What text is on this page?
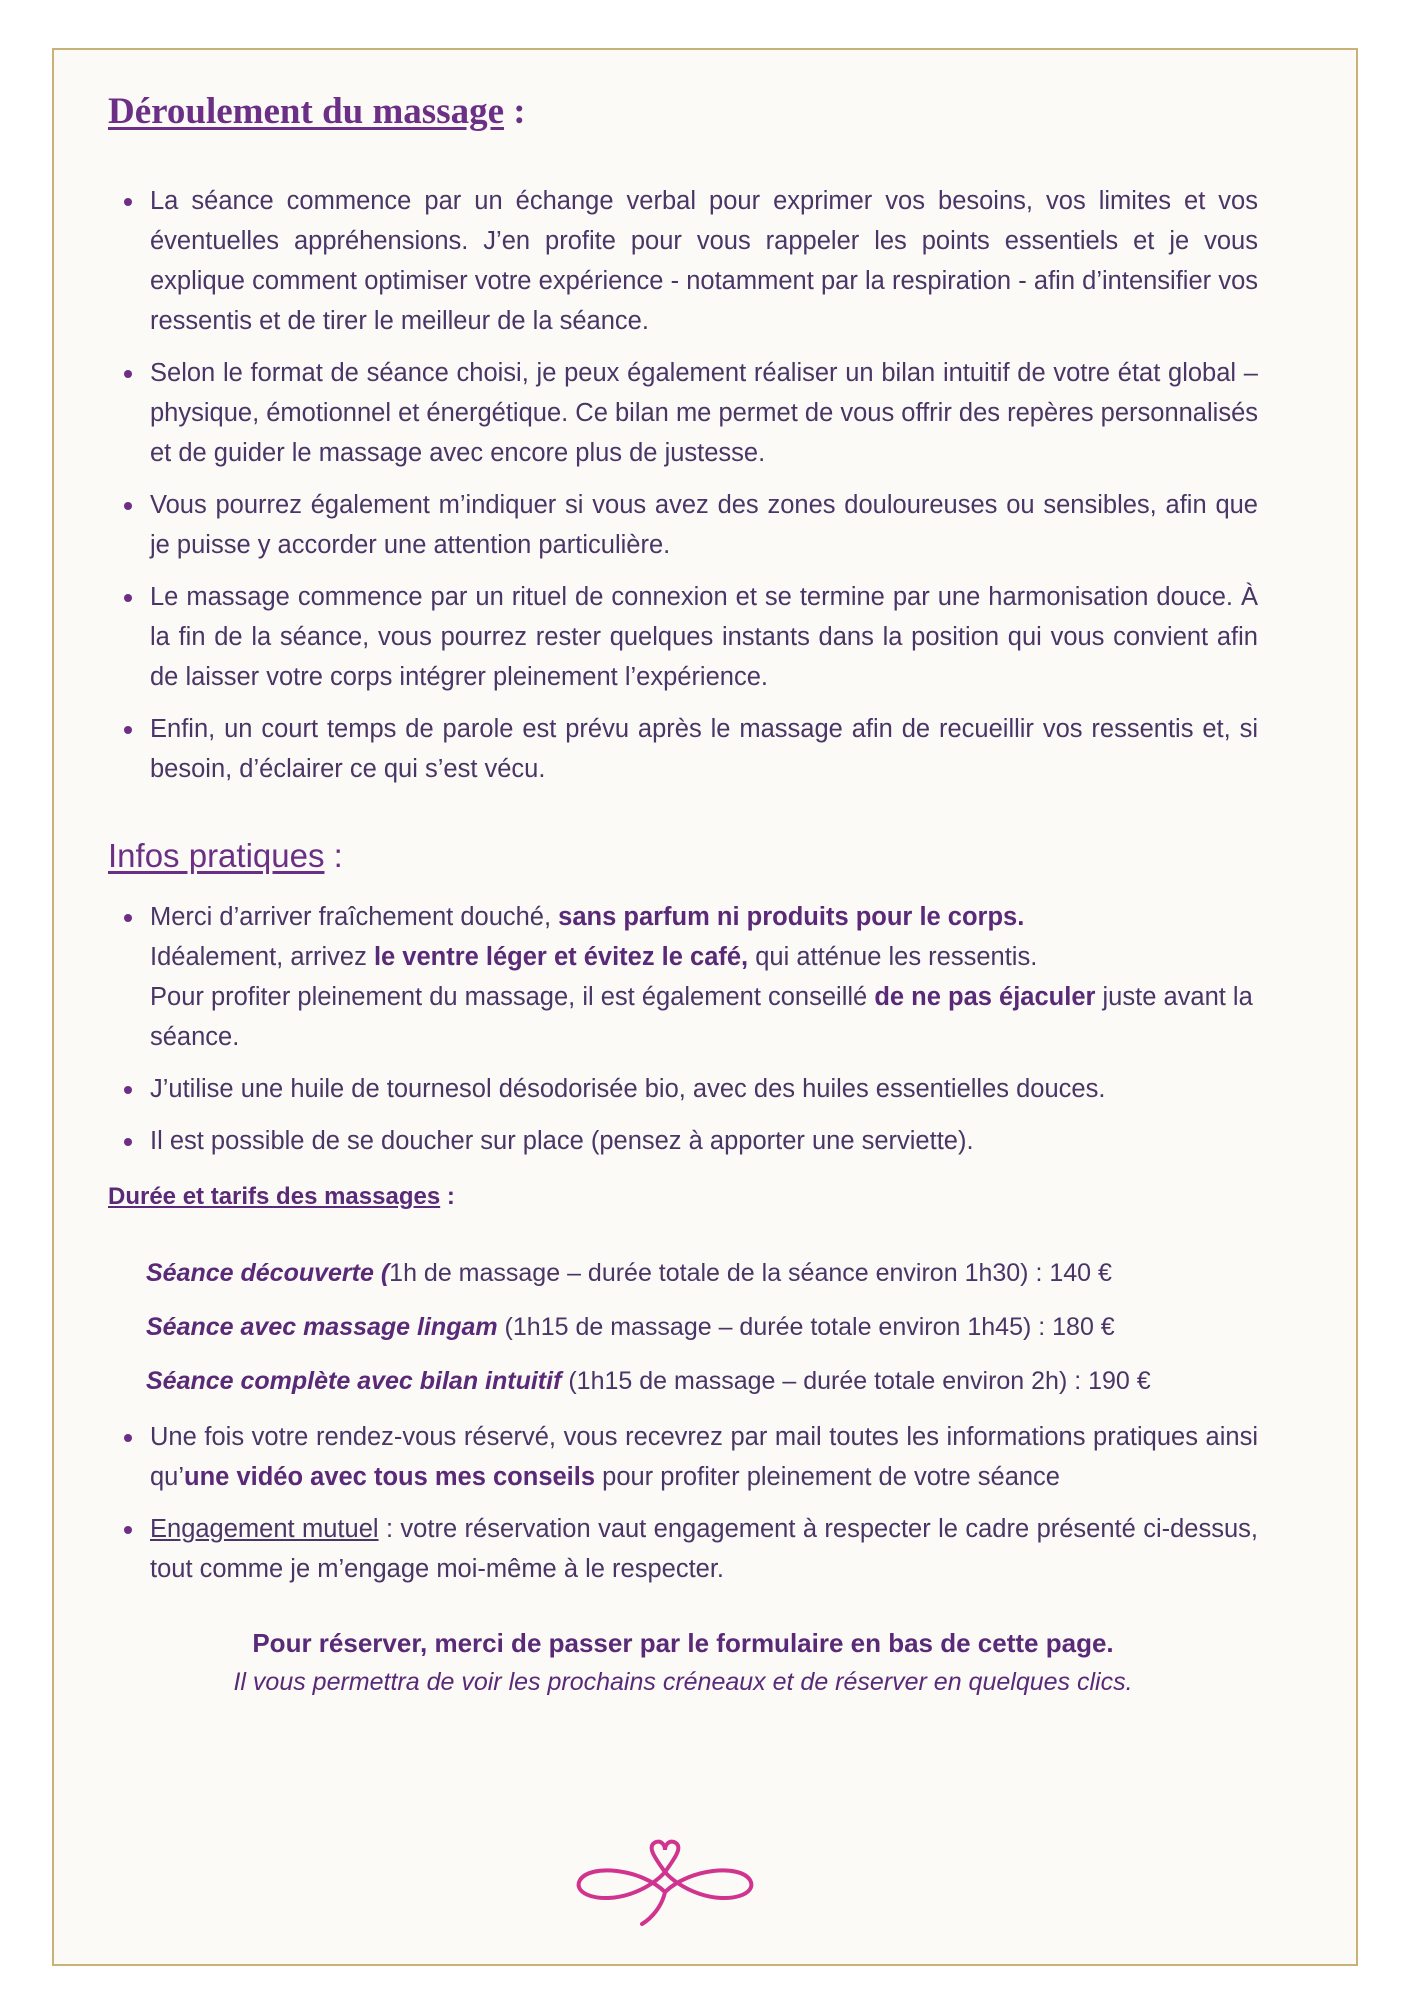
Déroulement du massage :
La séance commence par un échange verbal pour exprimer vos besoins, vos limites et vos éventuelles appréhensions. J’en profite pour vous rappeler les points essentiels et je vous explique comment optimiser votre expérience - notamment par la respiration - afin d’intensifier vos ressentis et de tirer le meilleur de la séance.
Selon le format de séance choisi, je peux également réaliser un bilan intuitif de votre état global – physique, émotionnel et énergétique. Ce bilan me permet de vous offrir des repères personnalisés et de guider le massage avec encore plus de justesse.
Vous pourrez également m’indiquer si vous avez des zones douloureuses ou sensibles, afin que je puisse y accorder une attention particulière.
Le massage commence par un rituel de connexion et se termine par une harmonisation douce. À la fin de la séance, vous pourrez rester quelques instants dans la position qui vous convient afin de laisser votre corps intégrer pleinement l’expérience.
Enfin, un court temps de parole est prévu après le massage afin de recueillir vos ressentis et, si besoin, d’éclairer ce qui s’est vécu.
Infos pratiques :
Merci d’arriver fraîchement douché, sans parfum ni produits pour le corps.
Idéalement, arrivez le ventre léger et évitez le café, qui atténue les ressentis.
Pour profiter pleinement du massage, il est également conseillé de ne pas éjaculer juste avant la séance.
J’utilise une huile de tournesol désodorisée bio, avec des huiles essentielles douces.
Il est possible de se doucher sur place (pensez à apporter une serviette).
Durée et tarifs des massages :
Séance découverte (1h de massage – durée totale de la séance environ 1h30) : 140 €
Séance avec massage lingam (1h15 de massage – durée totale environ 1h45) : 180 €
Séance complète avec bilan intuitif (1h15 de massage – durée totale environ 2h) : 190 €
Une fois votre rendez-vous réservé, vous recevrez par mail toutes les informations pratiques ainsi qu’une vidéo avec tous mes conseils pour profiter pleinement de votre séance
Engagement mutuel : votre réservation vaut engagement à respecter le cadre présenté ci-dessus, tout comme je m’engage moi-même à le respecter.
Pour réserver, merci de passer par le formulaire en bas de cette page.
Il vous permettra de voir les prochains créneaux et de réserver en quelques clics.
